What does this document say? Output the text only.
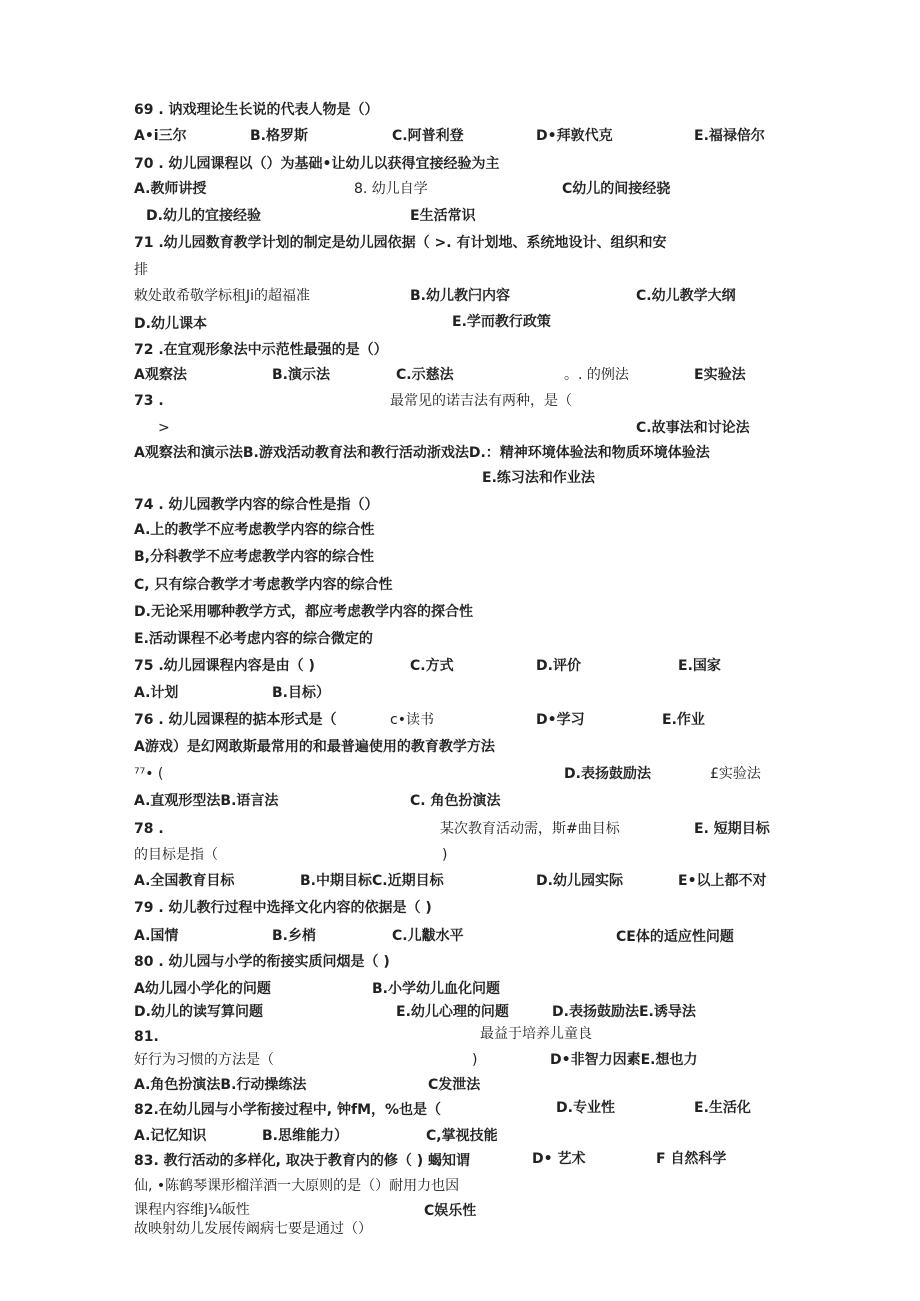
69 . 讷戏理论生长说的代表人物是（）
A•i三尔	B.格罗斯	C.阿普利登	D•拜敦代克	E.福禄倍尔
70 . 幼儿园课程以（）为基础•让幼儿以获得宜接经验为主
A.教师讲授	8. 幼儿自学	C幼儿的间接经骁
D.幼儿的宜接经验	E生活常识
71 .幼儿园数育教学计划的制定是幼儿园依据（ >. 有计划地、系统地设计、组织和安
排
敕处敢希敬学标租Ji的超福准	B.幼儿教闩内容	C.幼儿教学大纲
D.幼儿课本	E.学而教行政策
72 .在宜观形象法中示范性最强的是（）
A观察法	B.演示法	C.示慈法	。. 的例法	E实验法
73 .	最常见的诺吉法有两种，是（
>	C.故事法和讨论法
A观察法和演示法B.游戏活动教育法和教行活动浙戏法D.：精神环境体验法和物质环境体验法
E.练习法和作业法
74 . 幼儿园教学内容的综合性是指（）
A.上的教学不应考虑教学内容的综合性
B,分科教学不应考虑教学内容的综合性
C, 只有综合教学才考虑教学内容的综合性
D.无论采用哪种教学方式，都应考虑教学内容的探合性
E.活动课程不必考虑内容的综合微定的
75 .幼儿园课程内容是由（ )	C.方式	D.评价	E.国家
A.计划	B.目标）
76 . 幼儿园课程的掂本形式是（	c•读书	D•学习	E.作业
A游戏）是幻网敢斯最常用的和最普遍使用的教育教学方法
⁷⁷• (	D.表扬鼓励法	£实验法
A.直观形型法B.语言法	C. 角色扮演法
78 .	某次教育活动需，斯#曲目标	E. 短期目标
的目标是指（	)
A.全国教育目标	B.中期目标C.近期目标	D.幼儿园实际	E•以上都不对
79 . 幼儿教行过程中选择文化内容的依据是（ )
A.国情	B.乡梢	C.儿黻水平	CE体的适应性问题
80 . 幼儿园与小学的衔接实质问烟是（ )
A幼儿园小学化的问题	B.小学幼儿血化问题
D.幼儿的读写算问题	E.幼儿心理的问题	D.表扬鼓励法E.诱导法
81.	最益于培养儿童良
好行为习惯的方法是（	)	D•非智力因素E.想也力
A.角色扮演法B.行动操练法	C发泄法
82.在幼儿园与小学衔接过程中, 钟fM，%也是（	D.专业性	E.生活化
A.记忆知识	B.思维能力）	C,掌视技能
83. 教行活动的多样化, 取决于教育内的修（ ) 蝎知谓	D• 艺术	F 自然科学
仙, •陈鹤琴课形榴洋酒一大原则的是（）耐用力也因
课程内容维J¼皈性	C娱乐性
故映射幼儿发展传阚病七要是通过（）
